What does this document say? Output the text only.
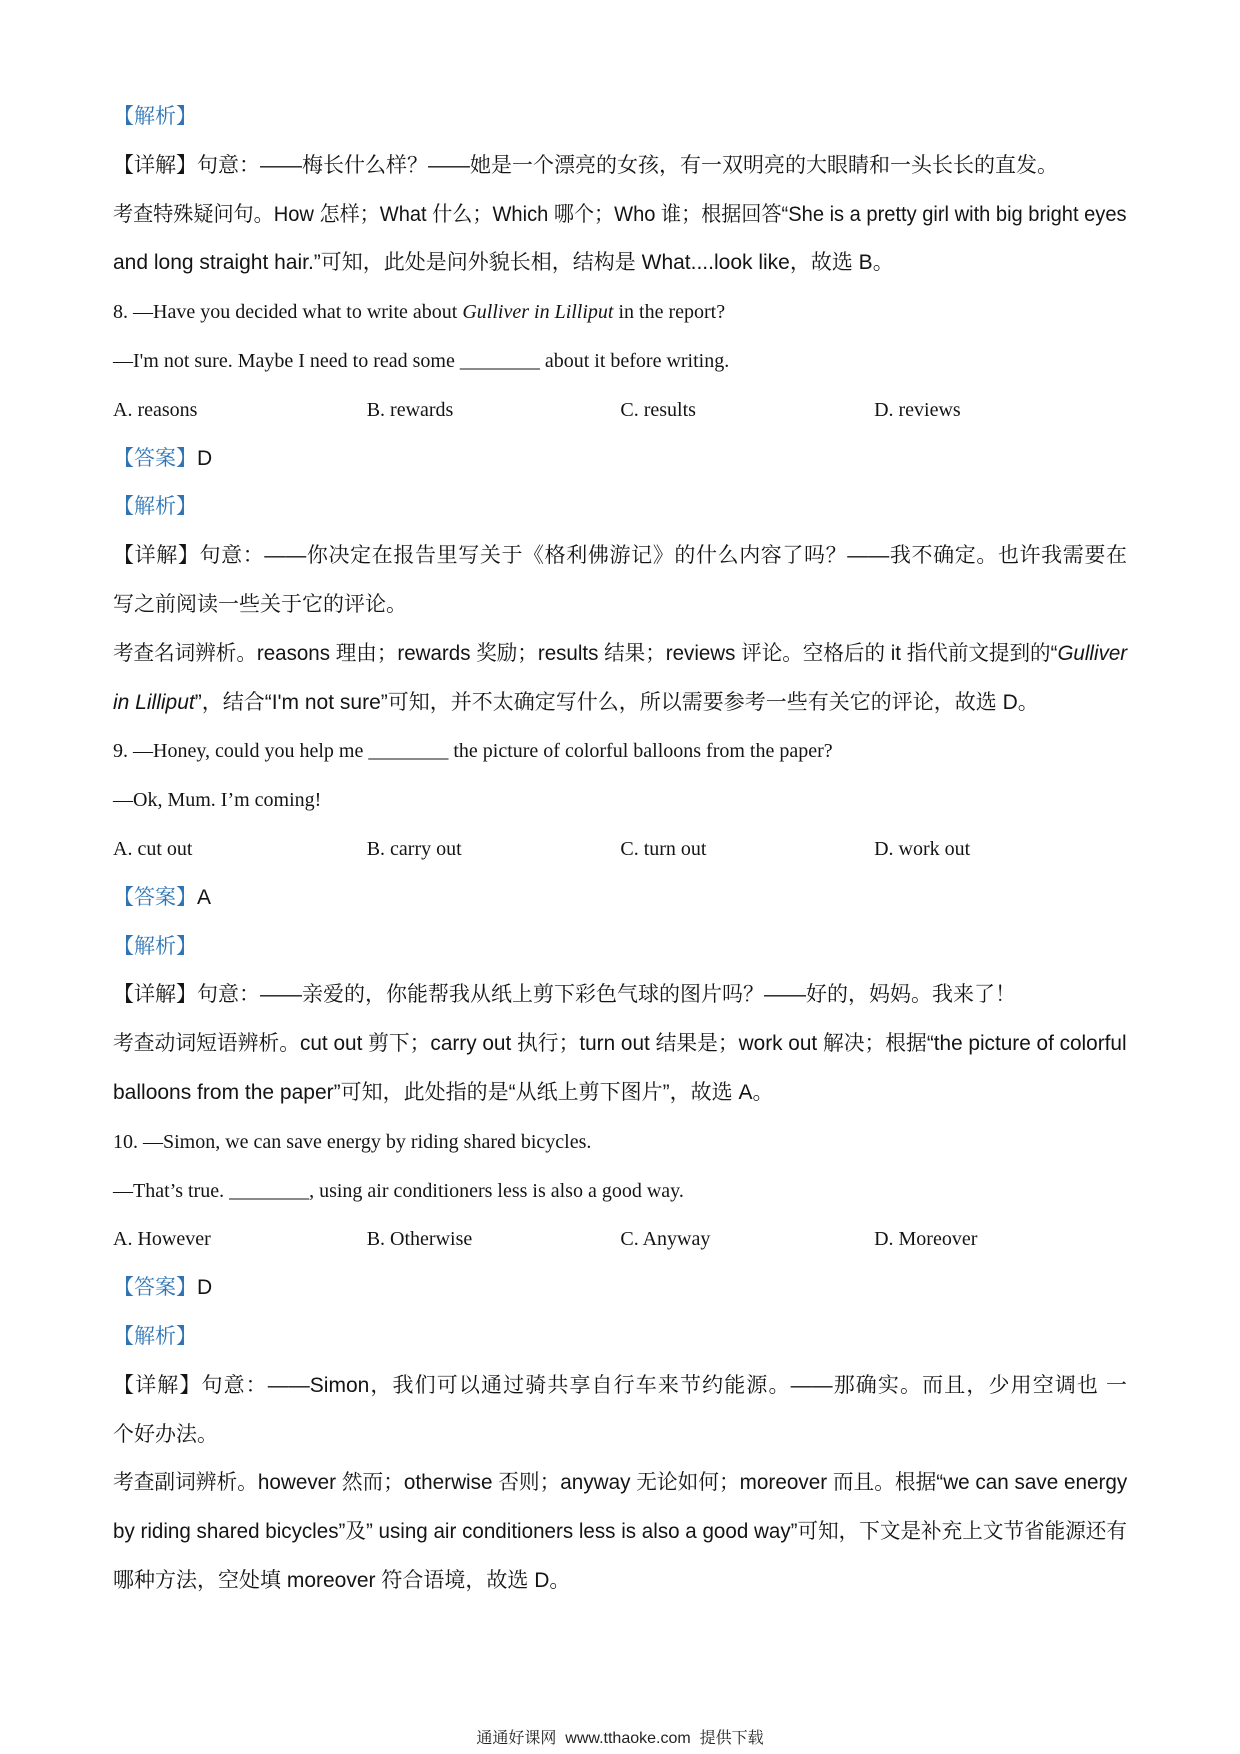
【解析】
【详解】句意：——梅长什么样？——她是一个漂亮的女孩，有一双明亮的大眼睛和一头长长的直发。
考查特殊疑问句。How 怎样；What 什么；Which 哪个；Who 谁；根据回答“She is a pretty girl with big bright eyes
and long straight hair.”可知，此处是问外貌长相，结构是 What....look like，故选 B。
8. —Have you decided what to write about Gulliver in Lilliput in the report?
—I'm not sure. Maybe I need to read some ________ about it before writing.
A. reasons	B. rewards	C. results	D. reviews
【答案】D
【解析】
【详解】句意：——你决定在报告里写关于《格利佛游记》的什么内容了吗？——我不确定。也许我需要在
写之前阅读一些关于它的评论。
考查名词辨析。reasons 理由；rewards 奖励；results 结果；reviews 评论。空格后的 it 指代前文提到的“Gulliver
in Lilliput”，结合“I'm not sure”可知，并不太确定写什么，所以需要参考一些有关它的评论，故选 D。
9. —Honey, could you help me ________ the picture of colorful balloons from the paper?
—Ok, Mum. I’m coming!
A. cut out	B. carry out	C. turn out	D. work out
【答案】A
【解析】
【详解】句意：——亲爱的，你能帮我从纸上剪下彩色气球的图片吗？——好的，妈妈。我来了！
考查动词短语辨析。cut out 剪下；carry out 执行；turn out 结果是；work out 解决；根据“the picture of colorful
balloons from the paper”可知，此处指的是“从纸上剪下图片”，故选 A。
10. —Simon, we can save energy by riding shared bicycles.
—That’s true. ________, using air conditioners less is also a good way.
A. However	B. Otherwise	C. Anyway	D. Moreover
【答案】D
【解析】
【详解】句意：——Simon，我们可以通过骑共享自行车来节约能源。——那确实。而且，少用空调也 一
个好办法。
考查副词辨析。however 然而；otherwise 否则；anyway 无论如何；moreover 而且。根据“we can save energy
by riding shared bicycles”及” using air conditioners less is also a good way”可知，下文是补充上文节省能源还有
哪种方法，空处填 moreover 符合语境，故选 D。
通通好课网  www.tthaoke.com  提供下载
